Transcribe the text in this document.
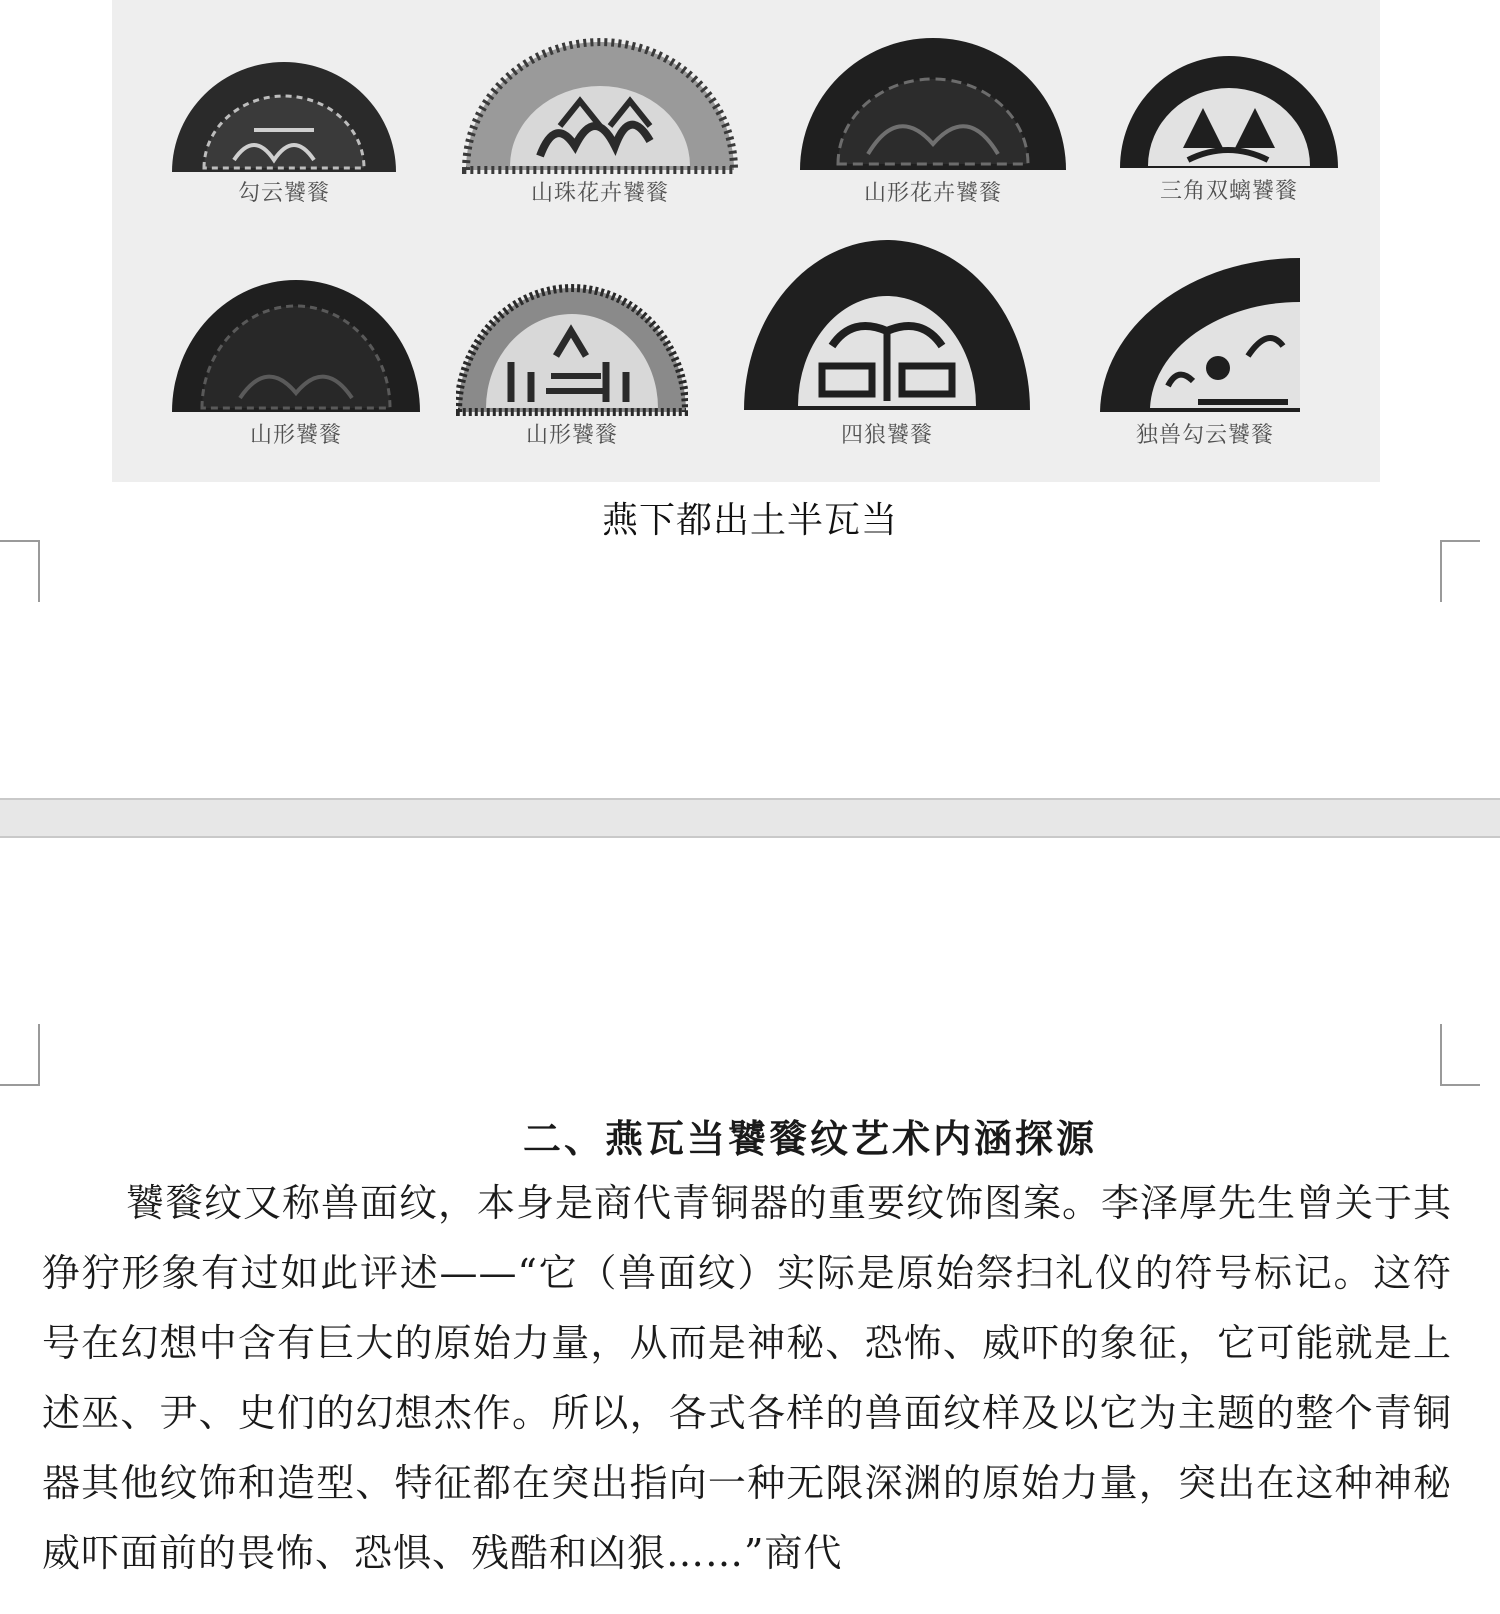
勾云饕餮	山珠花卉饕餮	山形花卉饕餮	三角双螭饕餮
山形饕餮	山形饕餮	四狼饕餮	独兽勾云饕餮
燕下都出土半瓦当
二、燕瓦当饕餮纹艺术内涵探源
饕餮纹又称兽面纹，本身是商代青铜器的重要纹饰图案。李泽厚先生曾关于其狰狞形象有过如此评述——“它（兽面纹）实际是原始祭扫礼仪的符号标记。这符号在幻想中含有巨大的原始力量，从而是神秘、恐怖、威吓的象征，它可能就是上述巫、尹、史们的幻想杰作。所以，各式各样的兽面纹样及以它为主题的整个青铜器其他纹饰和造型、特征都在突出指向一种无限深渊的原始力量，突出在这种神秘威吓面前的畏怖、恐惧、残酷和凶狠……”商代
